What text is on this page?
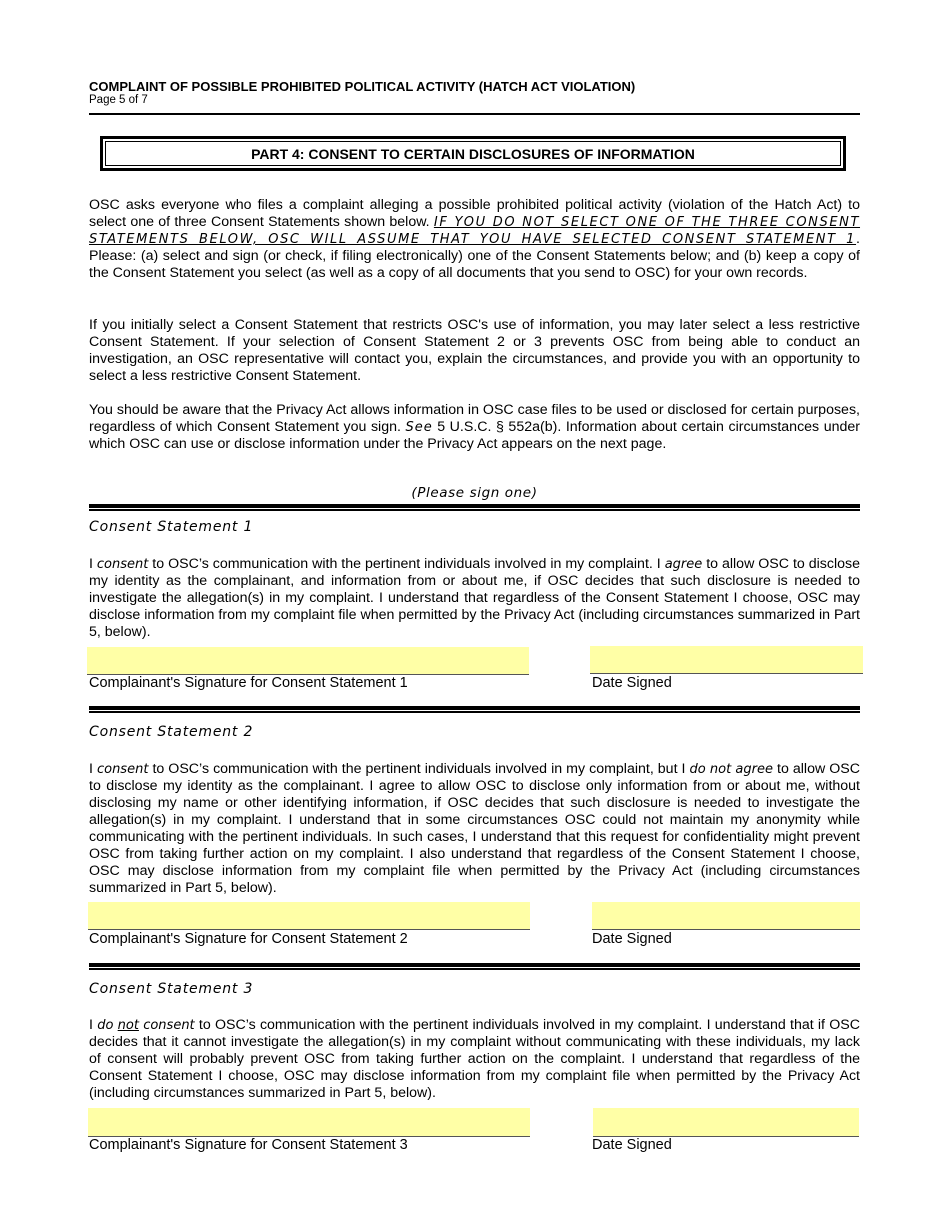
COMPLAINT OF POSSIBLE PROHIBITED POLITICAL ACTIVITY (HATCH ACT VIOLATION)
Page 5 of 7
PART 4: CONSENT TO CERTAIN DISCLOSURES OF INFORMATION

OSC asks everyone who files a complaint alleging a possible prohibited political activity (violation of the Hatch Act) to select one of three Consent Statements shown below. IF YOU DO NOT SELECT ONE OF THE THREE CONSENT STATEMENTS BELOW, OSC WILL ASSUME THAT YOU HAVE SELECTED CONSENT STATEMENT 1. Please: (a) select and sign (or check, if filing electronically) one of the Consent Statements below; and (b) keep a copy of the Consent Statement you select (as well as a copy of all documents that you send to OSC) for your own records.

If you initially select a Consent Statement that restricts OSC's use of information, you may later select a less restrictive Consent Statement. If your selection of Consent Statement 2 or 3 prevents OSC from being able to conduct an investigation, an OSC representative will contact you, explain the circumstances, and provide you with an opportunity to select a less restrictive Consent Statement.

You should be aware that the Privacy Act allows information in OSC case files to be used or disclosed for certain purposes, regardless of which Consent Statement you sign. See 5 U.S.C. § 552a(b). Information about certain circumstances under which OSC can use or disclose information under the Privacy Act appears on the next page.

(Please sign one)
Consent Statement 1

I consent to OSC’s communication with the pertinent individuals involved in my complaint. I agree to allow OSC to disclose my identity as the complainant, and information from or about me, if OSC decides that such disclosure is needed to investigate the allegation(s) in my complaint. I understand that regardless of the Consent Statement I choose, OSC may disclose information from my complaint file when permitted by the Privacy Act (including circumstances summarized in Part 5, below).

Complainant's Signature for Consent Statement 1	Date Signed
Consent Statement 2

I consent to OSC’s communication with the pertinent individuals involved in my complaint, but I do not agree to allow OSC to disclose my identity as the complainant. I agree to allow OSC to disclose only information from or about me, without disclosing my name or other identifying information, if OSC decides that such disclosure is needed to investigate the allegation(s) in my complaint. I understand that in some circumstances OSC could not maintain my anonymity while communicating with the pertinent individuals. In such cases, I understand that this request for confidentiality might prevent OSC from taking further action on my complaint. I also understand that regardless of the Consent Statement I choose, OSC may disclose information from my complaint file when permitted by the Privacy Act (including circumstances summarized in Part 5, below).

Complainant's Signature for Consent Statement 2	Date Signed
Consent Statement 3

I do not consent to OSC’s communication with the pertinent individuals involved in my complaint. I understand that if OSC decides that it cannot investigate the allegation(s) in my complaint without communicating with these individuals, my lack of consent will probably prevent OSC from taking further action on the complaint. I understand that regardless of the Consent Statement I choose, OSC may disclose information from my complaint file when permitted by the Privacy Act (including circumstances summarized in Part 5, below).

Complainant's Signature for Consent Statement 3	Date Signed
